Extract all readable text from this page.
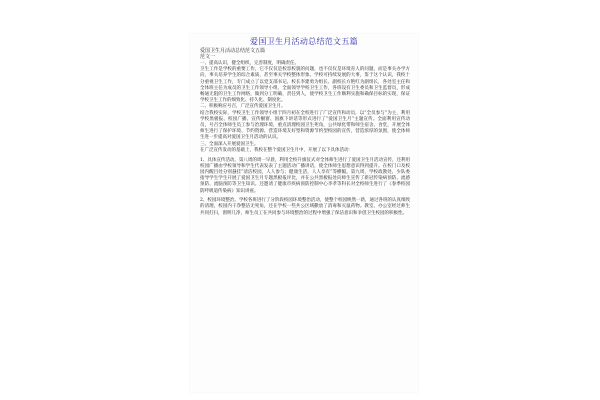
爱国卫生月活动总结范文五篇
爱国卫生月活动总结范文五篇
范文一

一、提高认识，健全组织，完善制度，明确责任。

卫生工作是学校的重要工作，它不仅仅是校容校貌的问题，也不仅仅是环境育人的问题，而是事关办学方向，事关培养学生的综合素质，甚至事关学校整体形象。学校可持续发展的大事，鉴于这个认识，我校十分重视卫生工作，专门成立了以党支部书记、校长李建勇为组长、副校长方艳红为副组长，各处室主任和全体班主任为成员的卫生工作领导小组，全面领导学校卫生工作，各班设有卫生委员和卫生监督员，形成畅通无阻的卫生工作网络，做到分工明确，责任到人，使学校卫生工作顺利实施和确保目标的实现，保证学校卫生工作的细致化、持久化、制度化。

二、积极响应号召，广泛宣传爱国卫生月。

结合我校实际，学校卫生工作领导小组于四月初在全校进行了广泛宣传和动员，以“全员参与”为主，利用学校黑板报、校园广播、宣传橱窗、国旗下讲话等形式进行了“爱国卫生月”主题宣传。全面利用宣传动员，号召全体师生员工参与治理环境，重点清理校园卫生死角，公共绿化带和师生宿舍、食堂，开展全体师生进行了保护环境、节约资源、营造环境友好型和资源节约型校园的宣传，营造浓厚的氛围，使全体师生进一步提高对爱国卫生月活动的认识。

三、全面深入开展爱国卫生。

在广泛宣传发动的基础上，我校在整个爱国卫生月中，开展了以下具体活动：

1、具体宣传活动。第八周的周一早晨，利用全校升旗仪式对全体师生进行了爱国卫生月活动宣传，还利用校园广播由学校领导和学生代表发表了主题活动广播讲话，使全体师生思想意识得到提升。在校门口及校园内醒目处分别悬挂“清洁校园，人人参与；健康生活，人人享有”等横幅。第九周，学校政教处、少队委指导学生学生开展了爱国卫生月专题黑板报评比，并在公共黑板报处向师生宣传了新冠传染病预防、流感预防、流脑预防等卫生知识。还邀请了健康市疾病预防控制中心李孝等科长对全校师生进行了《春季校园防呼吸道传染病》知识讲座。

2、校园环境整治。学校各班进行了分阶段校园环境整治活动，使整个校园焕然一新，通过各班的认真细致的清理，校园内干净整洁无死角，还在学校一些共公区域撒放了消毒和灭鼠药物。教室、办公室经过师生共同打扫，窗明几净，师生员工在共同参与环境整治的过程中增强了保洁意识和争创卫生校园的积极性。
